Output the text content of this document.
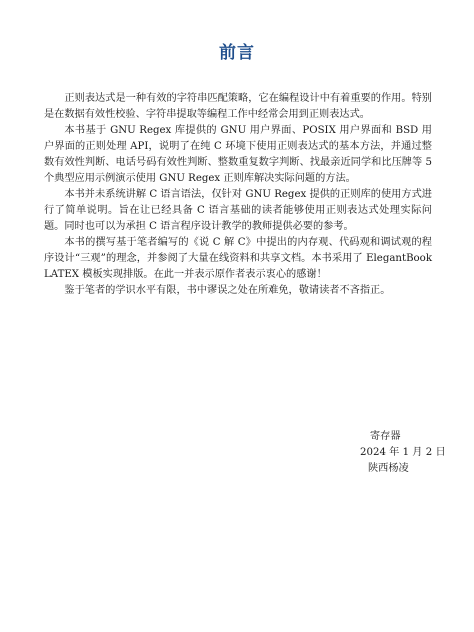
前言

正则表达式是一种有效的字符串匹配策略，它在编程设计中有着重要的作用。特别是在数据有效性校验、字符串提取等编程工作中经常会用到正则表达式。

本书基于 GNU Regex 库提供的 GNU 用户界面、POSIX 用户界面和 BSD 用户界面的正则处理 API，说明了在纯 C 环境下使用正则表达式的基本方法，并通过整数有效性判断、电话号码有效性判断、整数重复数字判断、找最亲近同学和比压牌等 5 个典型应用示例演示使用 GNU Regex 正则库解决实际问题的方法。

本书并未系统讲解 C 语言语法，仅针对 GNU Regex 提供的正则库的使用方式进行了简单说明。旨在让已经具备 C 语言基础的读者能够使用正则表达式处理实际问题。同时也可以为承担 C 语言程序设计教学的教师提供必要的参考。

本书的撰写基于笔者编写的《说 C 解 C》中提出的内存观、代码观和调试观的程序设计“三观”的理念，并参阅了大量在线资料和共享文档。本书采用了 ElegantBook LATEX 模板实现排版。在此一并表示原作者表示衷心的感谢！

鉴于笔者的学识水平有限，书中谬误之处在所难免，敬请读者不吝指正。

寄存器
2024 年 1 月 2 日
陕西杨凌
